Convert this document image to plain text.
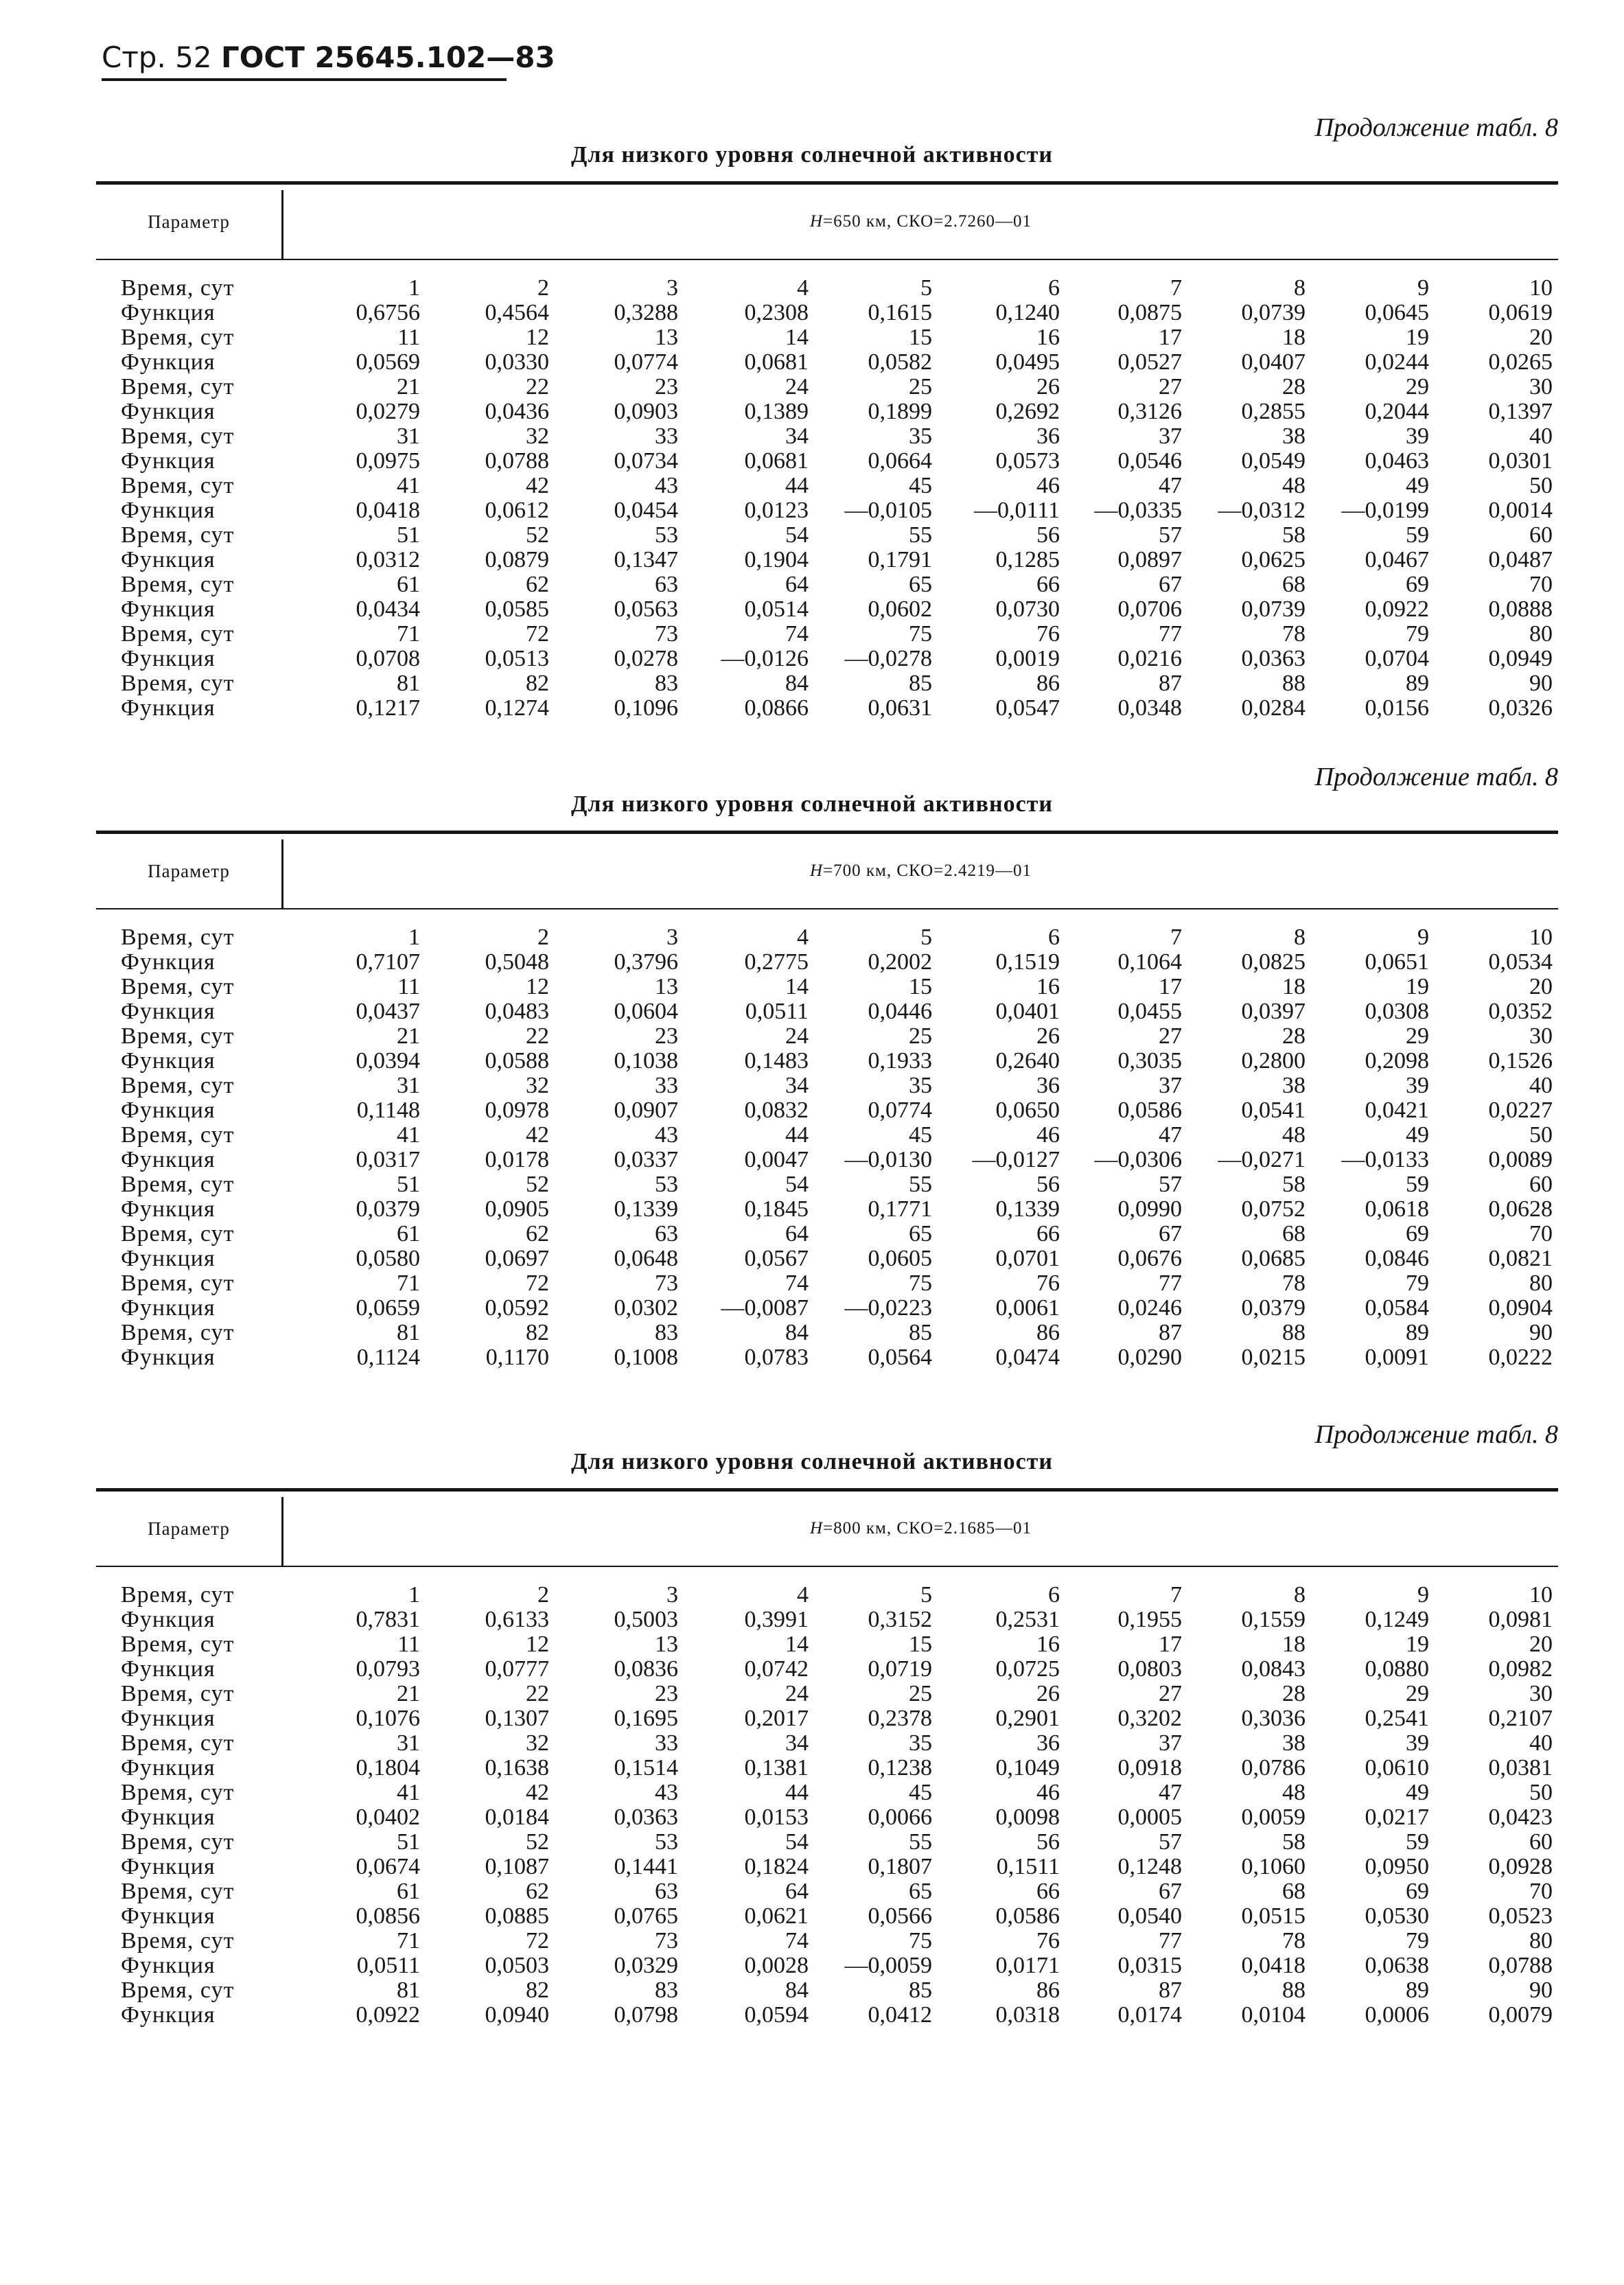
Стр. 52 ГОСТ 25645.102—83
Продолжение табл. 8
Для низкого уровня солнечной активности
Параметр	H =650 км, СКО=2.7260—01
Время, сут	1	2	3	4	5	6	7	8	9	10
Функция	0,6756	0,4564	0,3288	0,2308	0,1615	0,1240	0,0875	0,0739	0,0645	0,0619
Время, сут	11	12	13	14	15	16	17	18	19	20
Функция	0,0569	0,0330	0,0774	0,0681	0,0582	0,0495	0,0527	0,0407	0,0244	0,0265
Время, сут	21	22	23	24	25	26	27	28	29	30
Функция	0,0279	0,0436	0,0903	0,1389	0,1899	0,2692	0,3126	0,2855	0,2044	0,1397
Время, сут	31	32	33	34	35	36	37	38	39	40
Функция	0,0975	0,0788	0,0734	0,0681	0,0664	0,0573	0,0546	0,0549	0,0463	0,0301
Время, сут	41	42	43	44	45	46	47	48	49	50
Функция	0,0418	0,0612	0,0454	0,0123	—0,0105	—0,0111	—0,0335	—0,0312	—0,0199	0,0014
Время, сут	51	52	53	54	55	56	57	58	59	60
Функция	0,0312	0,0879	0,1347	0,1904	0,1791	0,1285	0,0897	0,0625	0,0467	0,0487
Время, сут	61	62	63	64	65	66	67	68	69	70
Функция	0,0434	0,0585	0,0563	0,0514	0,0602	0,0730	0,0706	0,0739	0,0922	0,0888
Время, сут	71	72	73	74	75	76	77	78	79	80
Функция	0,0708	0,0513	0,0278	—0,0126	—0,0278	0,0019	0,0216	0,0363	0,0704	0,0949
Время, сут	81	82	83	84	85	86	87	88	89	90
Функция	0,1217	0,1274	0,1096	0,0866	0,0631	0,0547	0,0348	0,0284	0,0156	0,0326
Продолжение табл. 8
Для низкого уровня солнечной активности
Параметр	H =700 км, СКО=2.4219—01
Время, сут	1	2	3	4	5	6	7	8	9	10
Функция	0,7107	0,5048	0,3796	0,2775	0,2002	0,1519	0,1064	0,0825	0,0651	0,0534
Время, сут	11	12	13	14	15	16	17	18	19	20
Функция	0,0437	0,0483	0,0604	0,0511	0,0446	0,0401	0,0455	0,0397	0,0308	0,0352
Время, сут	21	22	23	24	25	26	27	28	29	30
Функция	0,0394	0,0588	0,1038	0,1483	0,1933	0,2640	0,3035	0,2800	0,2098	0,1526
Время, сут	31	32	33	34	35	36	37	38	39	40
Функция	0,1148	0,0978	0,0907	0,0832	0,0774	0,0650	0,0586	0,0541	0,0421	0,0227
Время, сут	41	42	43	44	45	46	47	48	49	50
Функция	0,0317	0,0178	0,0337	0,0047	—0,0130	—0,0127	—0,0306	—0,0271	—0,0133	0,0089
Время, сут	51	52	53	54	55	56	57	58	59	60
Функция	0,0379	0,0905	0,1339	0,1845	0,1771	0,1339	0,0990	0,0752	0,0618	0,0628
Время, сут	61	62	63	64	65	66	67	68	69	70
Функция	0,0580	0,0697	0,0648	0,0567	0,0605	0,0701	0,0676	0,0685	0,0846	0,0821
Время, сут	71	72	73	74	75	76	77	78	79	80
Функция	0,0659	0,0592	0,0302	—0,0087	—0,0223	0,0061	0,0246	0,0379	0,0584	0,0904
Время, сут	81	82	83	84	85	86	87	88	89	90
Функция	0,1124	0,1170	0,1008	0,0783	0,0564	0,0474	0,0290	0,0215	0,0091	0,0222
Продолжение табл. 8
Для низкого уровня солнечной активности
Параметр	H =800 км, СКО=2.1685—01
Время, сут	1	2	3	4	5	6	7	8	9	10
Функция	0,7831	0,6133	0,5003	0,3991	0,3152	0,2531	0,1955	0,1559	0,1249	0,0981
Время, сут	11	12	13	14	15	16	17	18	19	20
Функция	0,0793	0,0777	0,0836	0,0742	0,0719	0,0725	0,0803	0,0843	0,0880	0,0982
Время, сут	21	22	23	24	25	26	27	28	29	30
Функция	0,1076	0,1307	0,1695	0,2017	0,2378	0,2901	0,3202	0,3036	0,2541	0,2107
Время, сут	31	32	33	34	35	36	37	38	39	40
Функция	0,1804	0,1638	0,1514	0,1381	0,1238	0,1049	0,0918	0,0786	0,0610	0,0381
Время, сут	41	42	43	44	45	46	47	48	49	50
Функция	0,0402	0,0184	0,0363	0,0153	0,0066	0,0098	0,0005	0,0059	0,0217	0,0423
Время, сут	51	52	53	54	55	56	57	58	59	60
Функция	0,0674	0,1087	0,1441	0,1824	0,1807	0,1511	0,1248	0,1060	0,0950	0,0928
Время, сут	61	62	63	64	65	66	67	68	69	70
Функция	0,0856	0,0885	0,0765	0,0621	0,0566	0,0586	0,0540	0,0515	0,0530	0,0523
Время, сут	71	72	73	74	75	76	77	78	79	80
Функция	0,0511	0,0503	0,0329	0,0028	—0,0059	0,0171	0,0315	0,0418	0,0638	0,0788
Время, сут	81	82	83	84	85	86	87	88	89	90
Функция	0,0922	0,0940	0,0798	0,0594	0,0412	0,0318	0,0174	0,0104	0,0006	0,0079
